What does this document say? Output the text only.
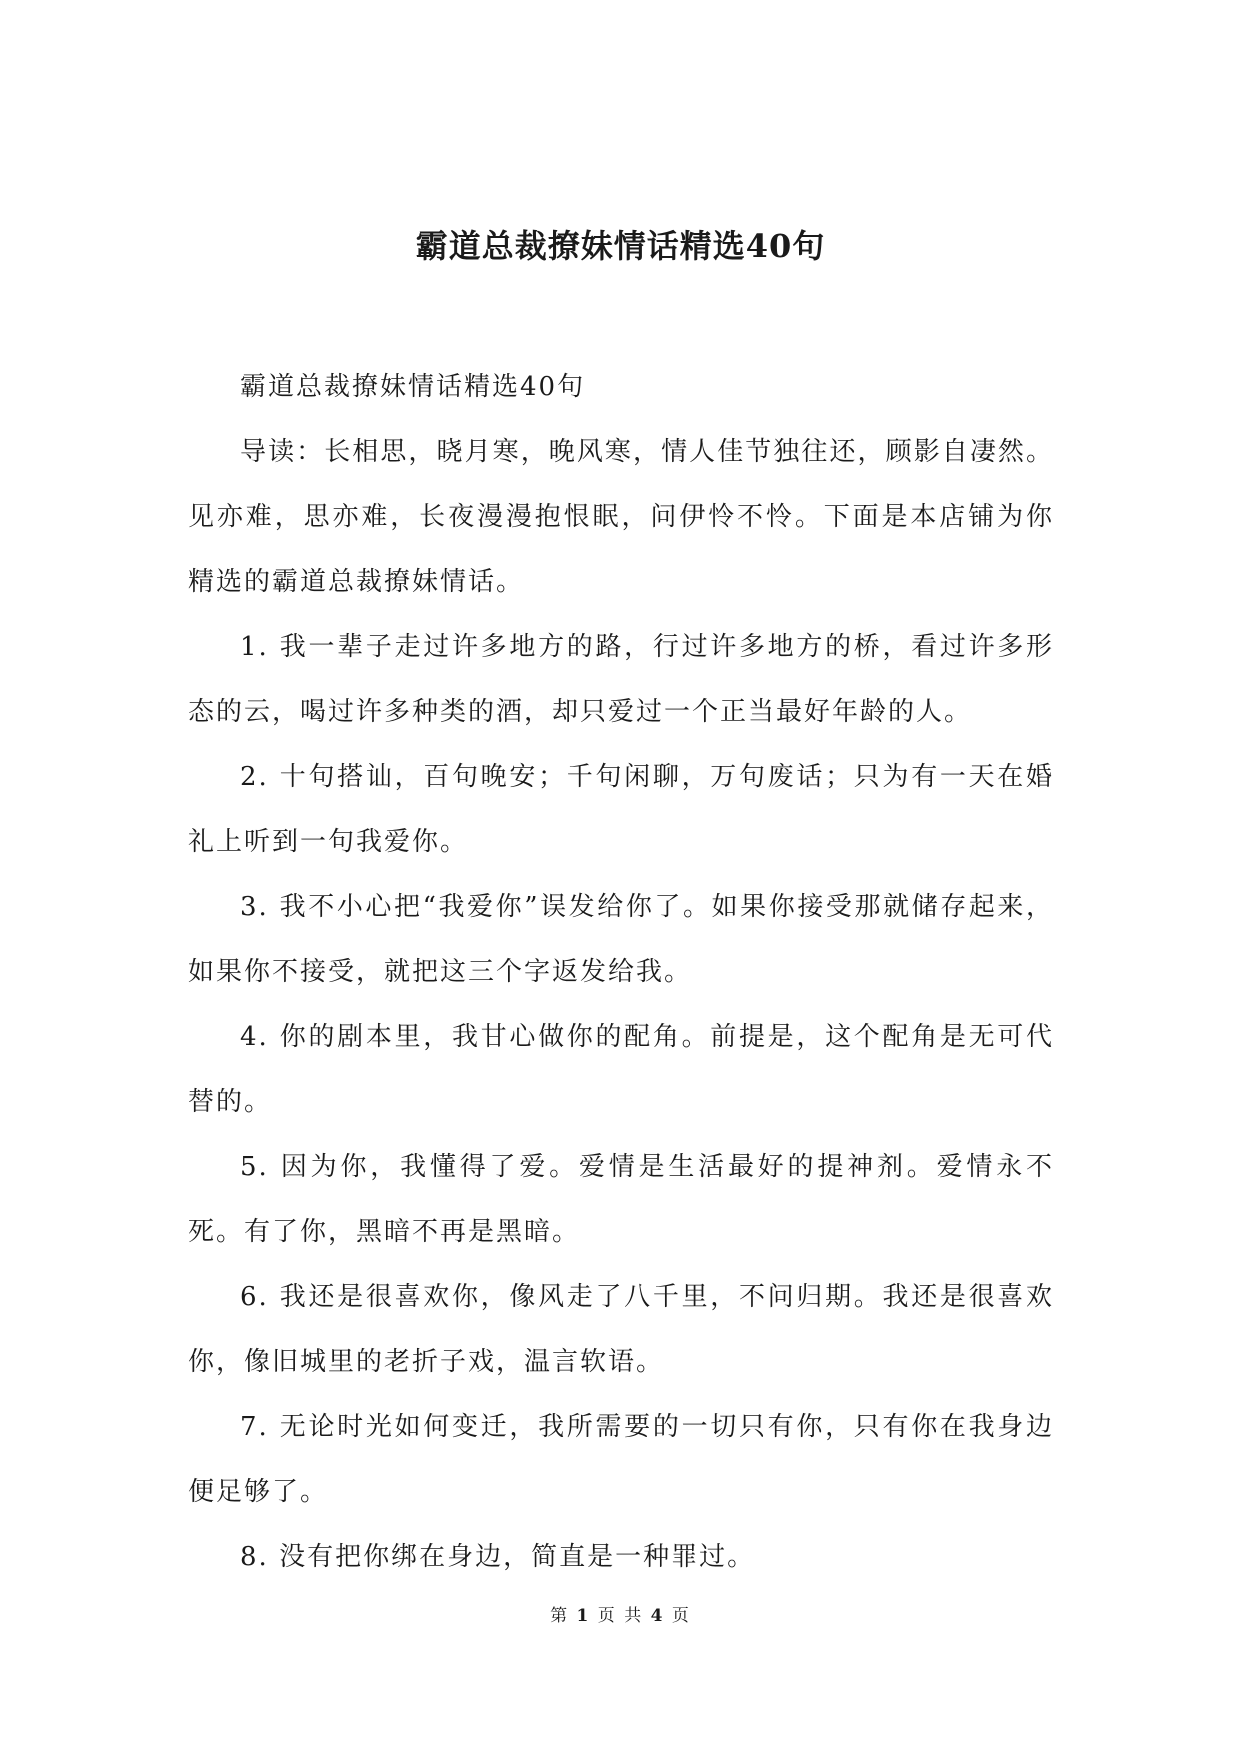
霸道总裁撩妹情话精选40句

霸道总裁撩妹情话精选40句

导读：长相思，晓月寒，晚风寒，情人佳节独往还，顾影自凄然。见亦难，思亦难，长夜漫漫抱恨眠，问伊怜不怜。下面是本店铺为你精选的霸道总裁撩妹情话。

1. 我一辈子走过许多地方的路，行过许多地方的桥，看过许多形态的云，喝过许多种类的酒，却只爱过一个正当最好年龄的人。

2. 十句搭讪，百句晚安；千句闲聊，万句废话；只为有一天在婚礼上听到一句我爱你。

3. 我不小心把“我爱你”误发给你了。如果你接受那就储存起来，如果你不接受，就把这三个字返发给我。

4. 你的剧本里，我甘心做你的配角。前提是，这个配角是无可代替的。

5. 因为你，我懂得了爱。爱情是生活最好的提神剂。爱情永不死。有了你，黑暗不再是黑暗。

6. 我还是很喜欢你，像风走了八千里，不问归期。我还是很喜欢你，像旧城里的老折子戏，温言软语。

7. 无论时光如何变迁，我所需要的一切只有你，只有你在我身边便足够了。

8. 没有把你绑在身边，简直是一种罪过。

第 1 页 共 4 页
